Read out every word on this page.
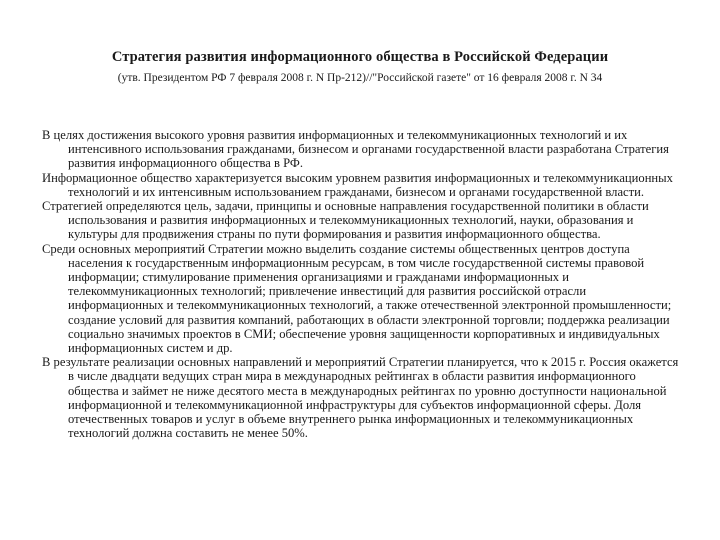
Стратегия развития информационного общества в Российской Федерации
(утв. Президентом РФ 7 февраля 2008 г. N Пр-212)//"Российской газете" от 16 февраля 2008 г. N 34

В целях достижения высокого уровня развития информационных и телекоммуникационных технологий и их интенсивного использования гражданами, бизнесом и органами государственной власти разработана Стратегия развития информационного общества в РФ.

Информационное общество характеризуется высоким уровнем развития информационных и телекоммуникационных технологий и их интенсивным использованием гражданами, бизнесом и органами государственной власти.

Стратегией определяются цель, задачи, принципы и основные направления государственной политики в области использования и развития информационных и телекоммуникационных технологий, науки, образования и культуры для продвижения страны по пути формирования и развития информационного общества.

Среди основных мероприятий Стратегии можно выделить создание системы общественных центров доступа населения к государственным информационным ресурсам, в том числе государственной системы правовой информации; стимулирование применения организациями и гражданами информационных и телекоммуникационных технологий; привлечение инвестиций для развития российской отрасли информационных и телекоммуникационных технологий, а также отечественной электронной промышленности; создание условий для развития компаний, работающих в области электронной торговли; поддержка реализации социально значимых проектов в СМИ; обеспечение уровня защищенности корпоративных и индивидуальных информационных систем и др.

В результате реализации основных направлений и мероприятий Стратегии планируется, что к 2015 г. Россия окажется в числе двадцати ведущих стран мира в международных рейтингах в области развития информационного общества и займет не ниже десятого места в международных рейтингах по уровню доступности национальной информационной и телекоммуникационной инфраструктуры для субъектов информационной сферы. Доля отечественных товаров и услуг в объеме внутреннего рынка информационных и телекоммуникационных технологий должна составить не менее 50%.
